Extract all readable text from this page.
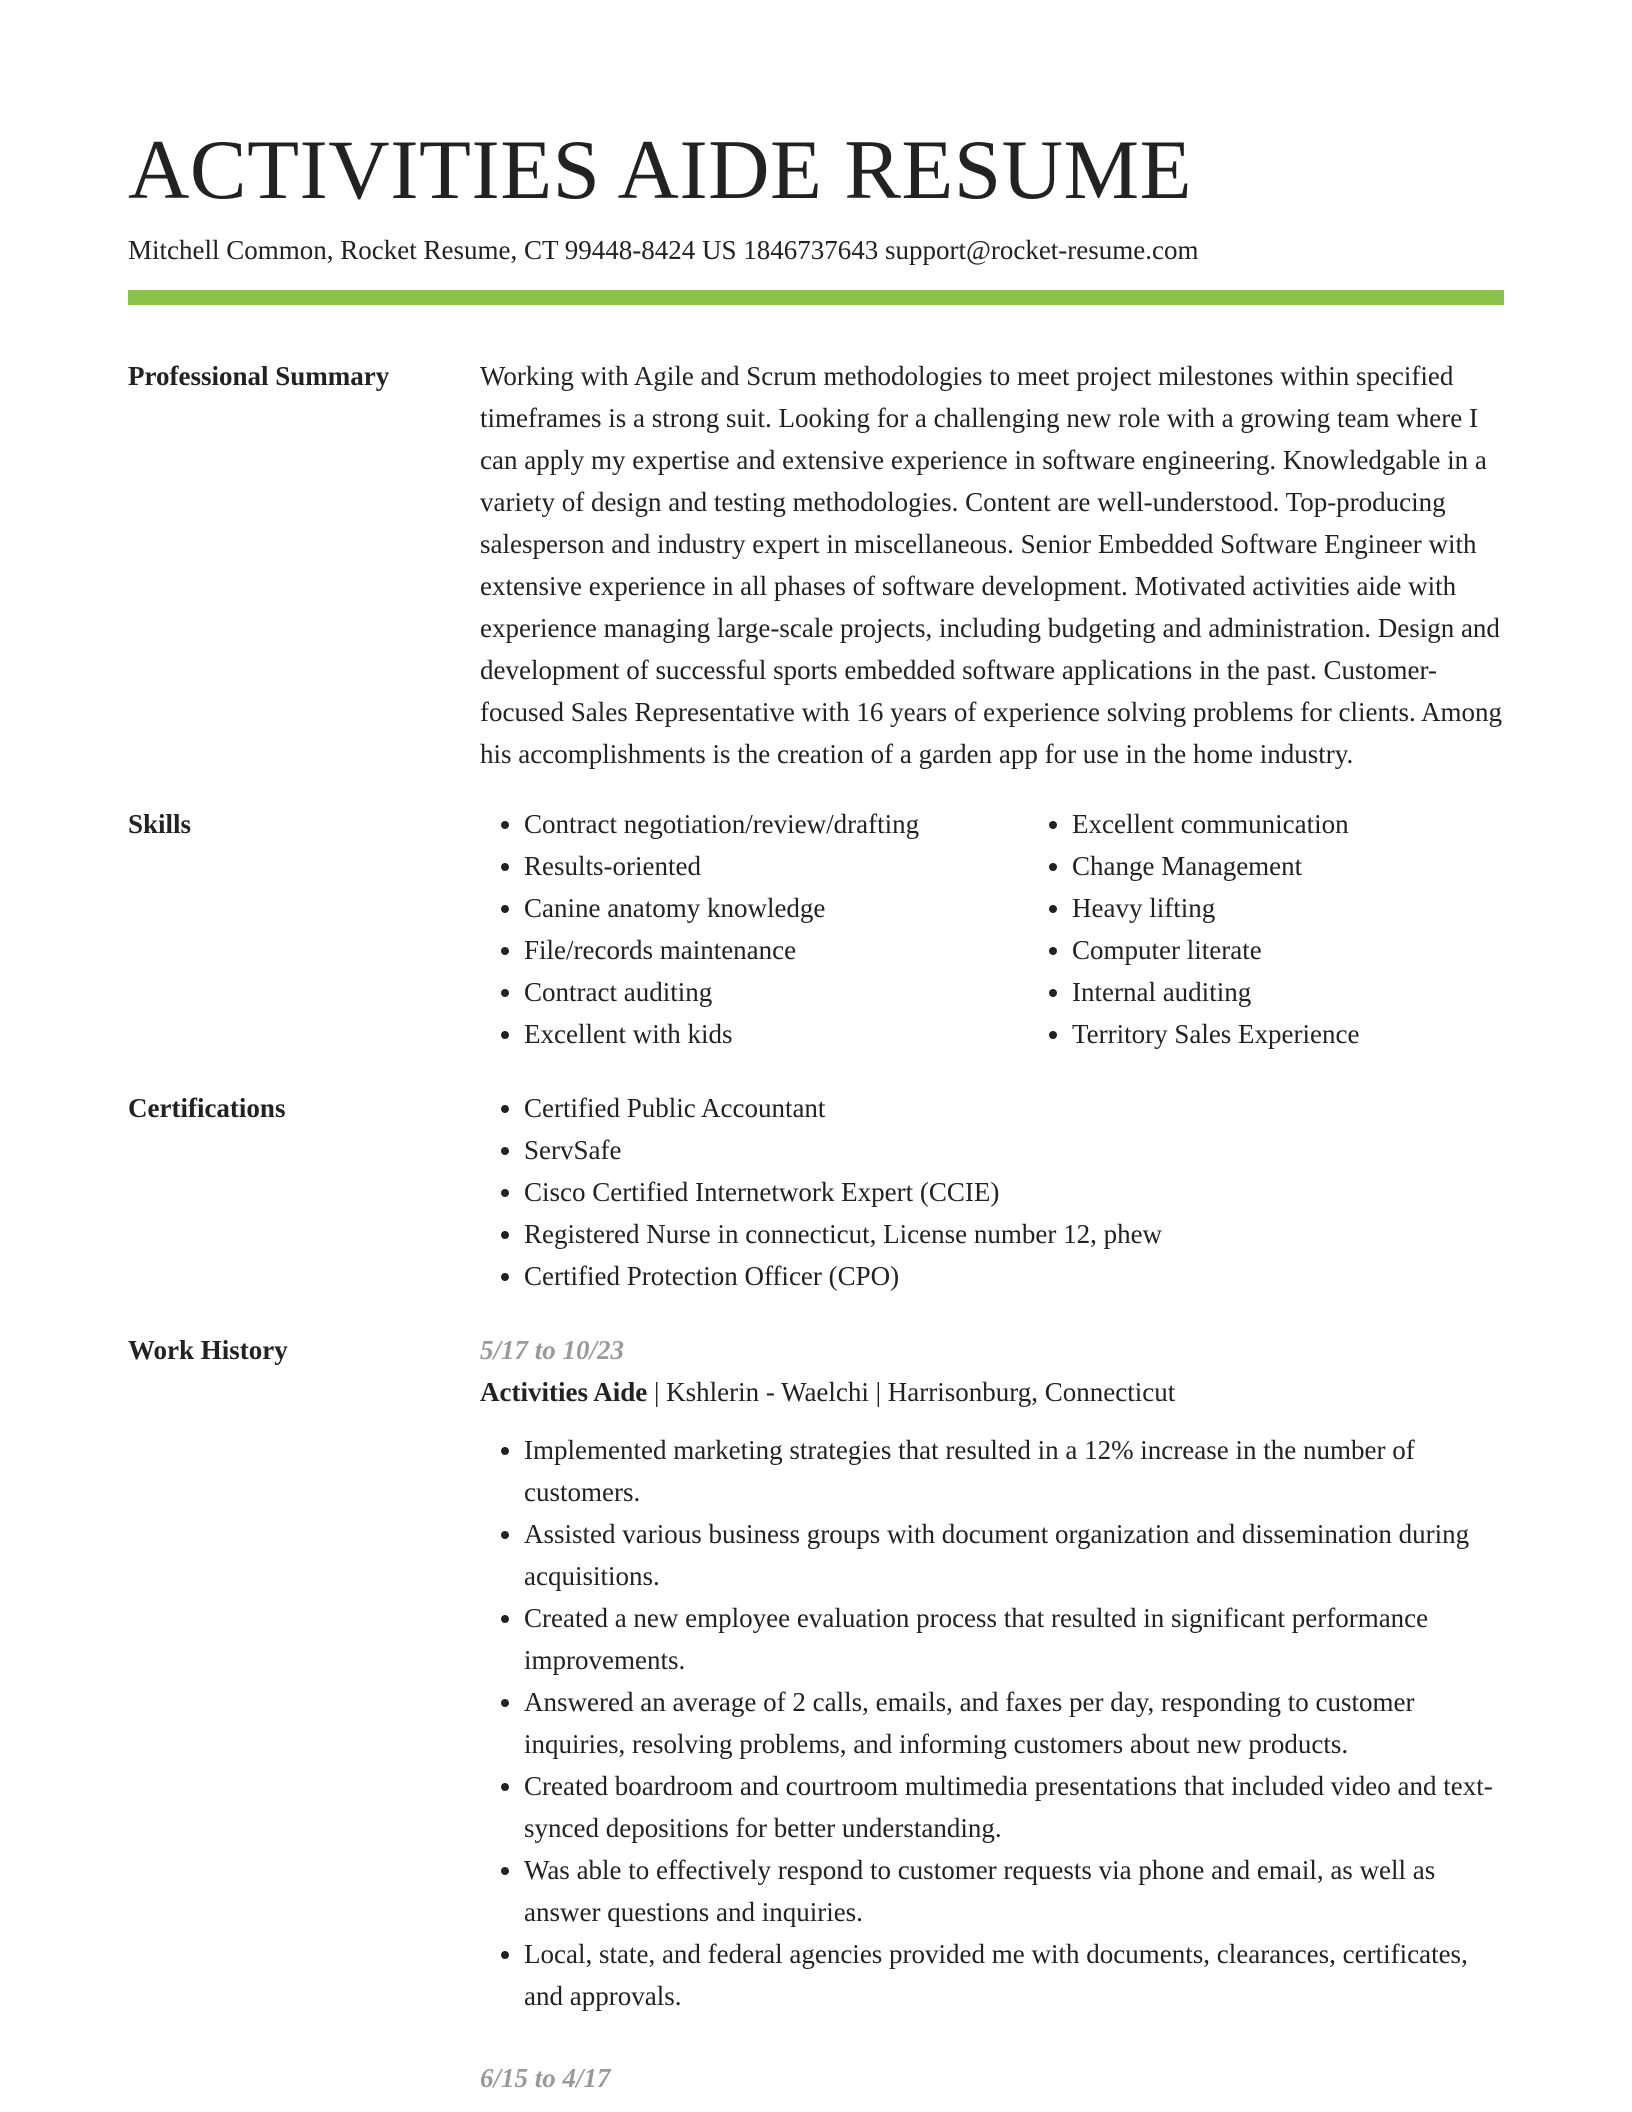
ACTIVITIES AIDE RESUME
Mitchell Common, Rocket Resume, CT 99448-8424 US 1846737643 support@rocket-resume.com
Professional Summary	Working with Agile and Scrum methodologies to meet project milestones within specified timeframes is a strong suit. Looking for a challenging new role with a growing team where I can apply my expertise and extensive experience in software engineering. Knowledgable in a variety of design and testing methodologies. Content are well-understood. Top-producing salesperson and industry expert in miscellaneous. Senior Embedded Software Engineer with extensive experience in all phases of software development. Motivated activities aide with experience managing large-scale projects, including budgeting and administration. Design and development of successful sports embedded software applications in the past. Customer-focused Sales Representative with 16 years of experience solving problems for clients. Among his accomplishments is the creation of a garden app for use in the home industry.

Skills	• Contract negotiation/review/drafting
• Results-oriented
• Canine anatomy knowledge
• File/records maintenance
• Contract auditing
• Excellent with kids
• Excellent communication
• Change Management
• Heavy lifting
• Computer literate
• Internal auditing
• Territory Sales Experience
Certifications	• Certified Public Accountant
• ServSafe
• Cisco Certified Internetwork Expert (CCIE)
• Registered Nurse in connecticut, License number 12, phew
• Certified Protection Officer (CPO)
Work History	5/17 to 10/23
Activities Aide | Kshlerin - Waelchi | Harrisonburg, Connecticut
• Implemented marketing strategies that resulted in a 12% increase in the number of customers.
• Assisted various business groups with document organization and dissemination during acquisitions.
• Created a new employee evaluation process that resulted in significant performance improvements.
• Answered an average of 2 calls, emails, and faxes per day, responding to customer inquiries, resolving problems, and informing customers about new products.
• Created boardroom and courtroom multimedia presentations that included video and text-synced depositions for better understanding.
• Was able to effectively respond to customer requests via phone and email, as well as answer questions and inquiries.
• Local, state, and federal agencies provided me with documents, clearances, certificates, and approvals.
6/15 to 4/17
